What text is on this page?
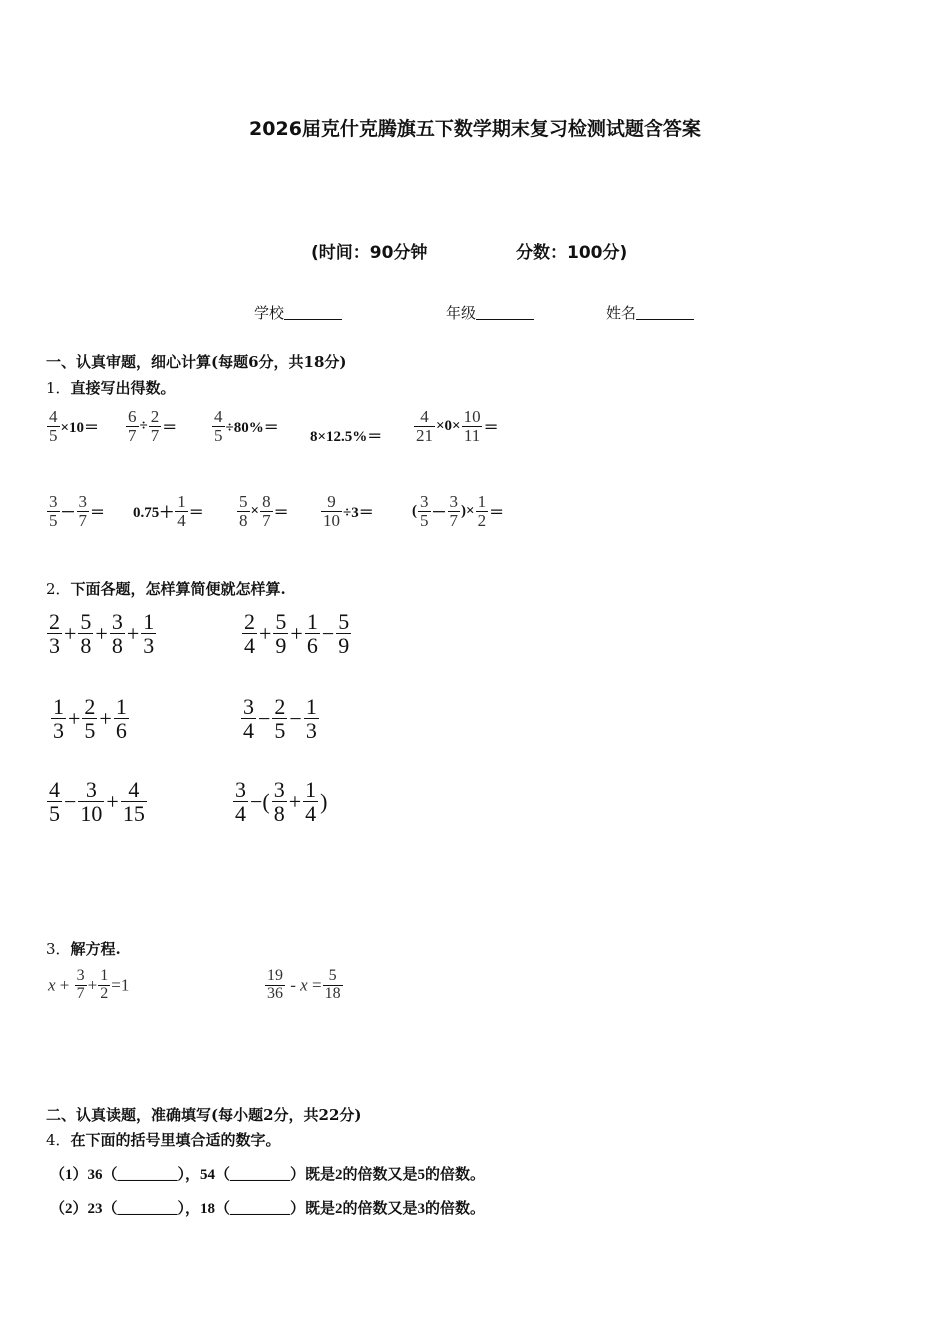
2026届克什克腾旗五下数学期末复习检测试题含答案
(时间：90分钟	分数：100分)
学校	年级	姓名
一、认真审题，细心计算(每题6分，共18分)
1．直接写出得数。
$\frac{4}{5} \times 10= \frac{6}{7} \div \frac{2}{7} = \frac{4}{5} \div 80\%=$
$8\times 12.5\%= \frac{4}{21} \times 0\times \frac{10}{11}$ ＝
$\frac{3}{5} - \frac{3}{7} = 0.75+ \frac{1}{4} = \frac{5}{8} \times \frac{8}{7} = \frac{9}{10} \div 3=$	( $\frac{3}{5} - \frac{3}{7}$ )× $\frac{1}{2}$ ＝
2．下面各题，怎样算简便就怎样算.
$\frac{2}{3} + \frac{5}{8} + \frac{3}{8} + \frac{1}{3}$	$\frac{2}{4} + \frac{5}{9} + \frac{1}{6} - \frac{5}{9}$
$\frac{1}{3} + \frac{2}{5} + \frac{1}{6}$	$\frac{3}{4} - \frac{2}{5} - \frac{1}{3}$
$\frac{4}{5} - \frac{3}{10} + \frac{4}{15}$	$\frac{3}{4}$ −( $\frac{3}{8} + \frac{1}{4}$ )
3．解方程.
$x + \frac{3}{7} + \frac{1}{2} =1$	$\frac{19}{36} - x = \frac{5}{18}$
二、认真读题，准确填写(每小题2分，共22分)
4．在下面的括号里填合适的数字。
（1）36（________），54（________）既是2的倍数又是5的倍数。
（2）23（________），18（________）既是2的倍数又是3的倍数。
